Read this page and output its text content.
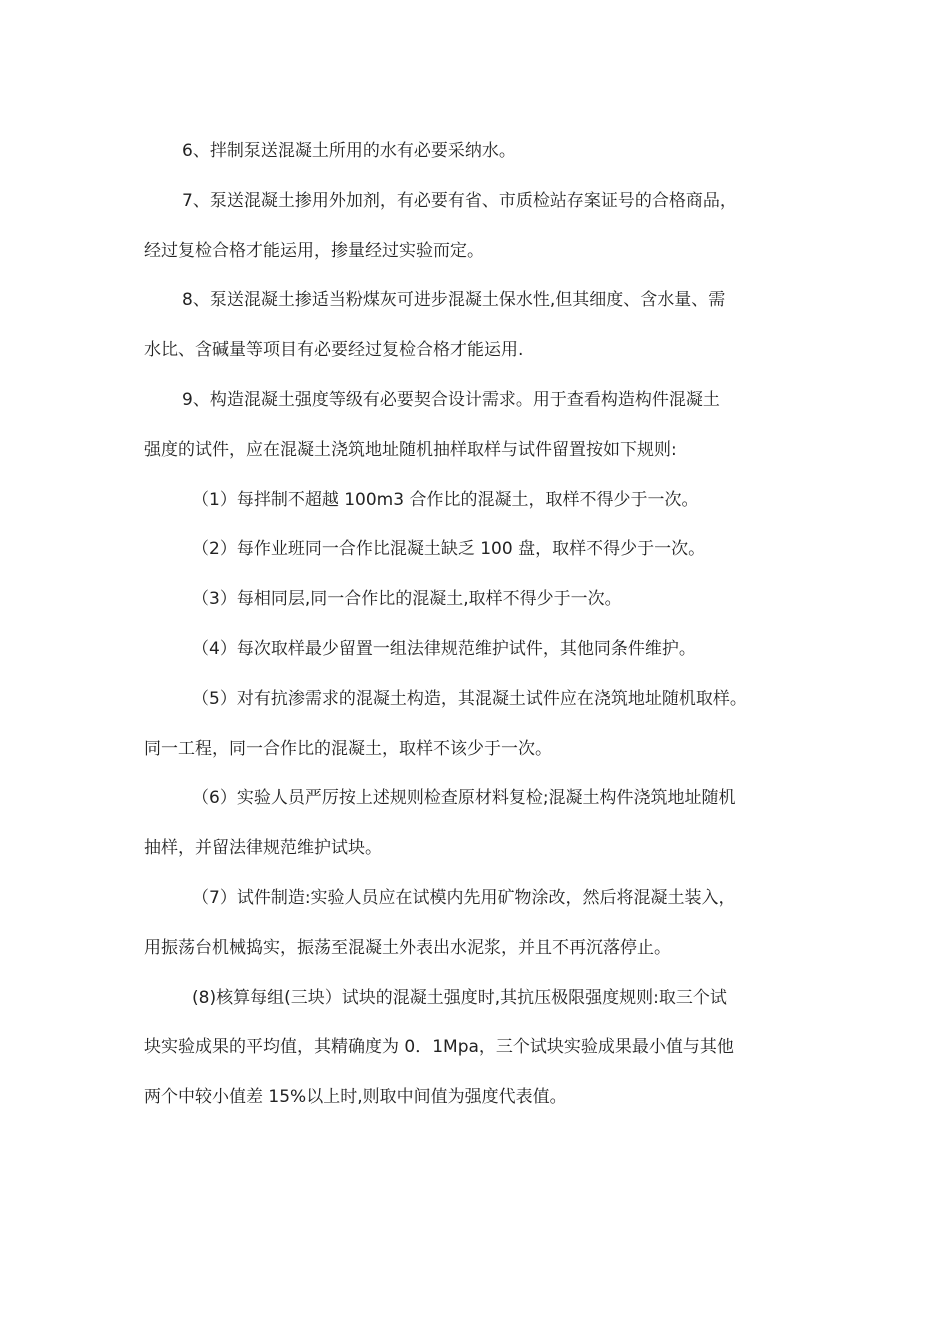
6、拌制泵送混凝土所用的水有必要采纳水。
7、泵送混凝土掺用外加剂，有必要有省、市质检站存案证号的合格商品，
经过复检合格才能运用，掺量经过实验而定。
8、泵送混凝土掺适当粉煤灰可进步混凝土保水性,但其细度、含水量、需
水比、含碱量等项目有必要经过复检合格才能运用.
9、构造混凝土强度等级有必要契合设计需求。用于查看构造构件混凝土
强度的试件，应在混凝土浇筑地址随机抽样取样与试件留置按如下规则:
（1）每拌制不超越 100m3 合作比的混凝土，取样不得少于一次。
（2）每作业班同一合作比混凝土缺乏 100 盘，取样不得少于一次。
（3）每相同层,同一合作比的混凝土,取样不得少于一次。
（4）每次取样最少留置一组法律规范维护试件，其他同条件维护。
（5）对有抗渗需求的混凝土构造，其混凝土试件应在浇筑地址随机取样。
同一工程，同一合作比的混凝土，取样不该少于一次。
（6）实验人员严厉按上述规则检查原材料复检;混凝土构件浇筑地址随机
抽样，并留法律规范维护试块。
（7）试件制造:实验人员应在试模内先用矿物涂改，然后将混凝土装入，
用振荡台机械捣实，振荡至混凝土外表出水泥浆，并且不再沉落停止。
(8)核算每组(三块）试块的混凝土强度时,其抗压极限强度规则:取三个试
块实验成果的平均值，其精确度为 0．1Mpa，三个试块实验成果最小值与其他
两个中较小值差 15%以上时,则取中间值为强度代表值。
